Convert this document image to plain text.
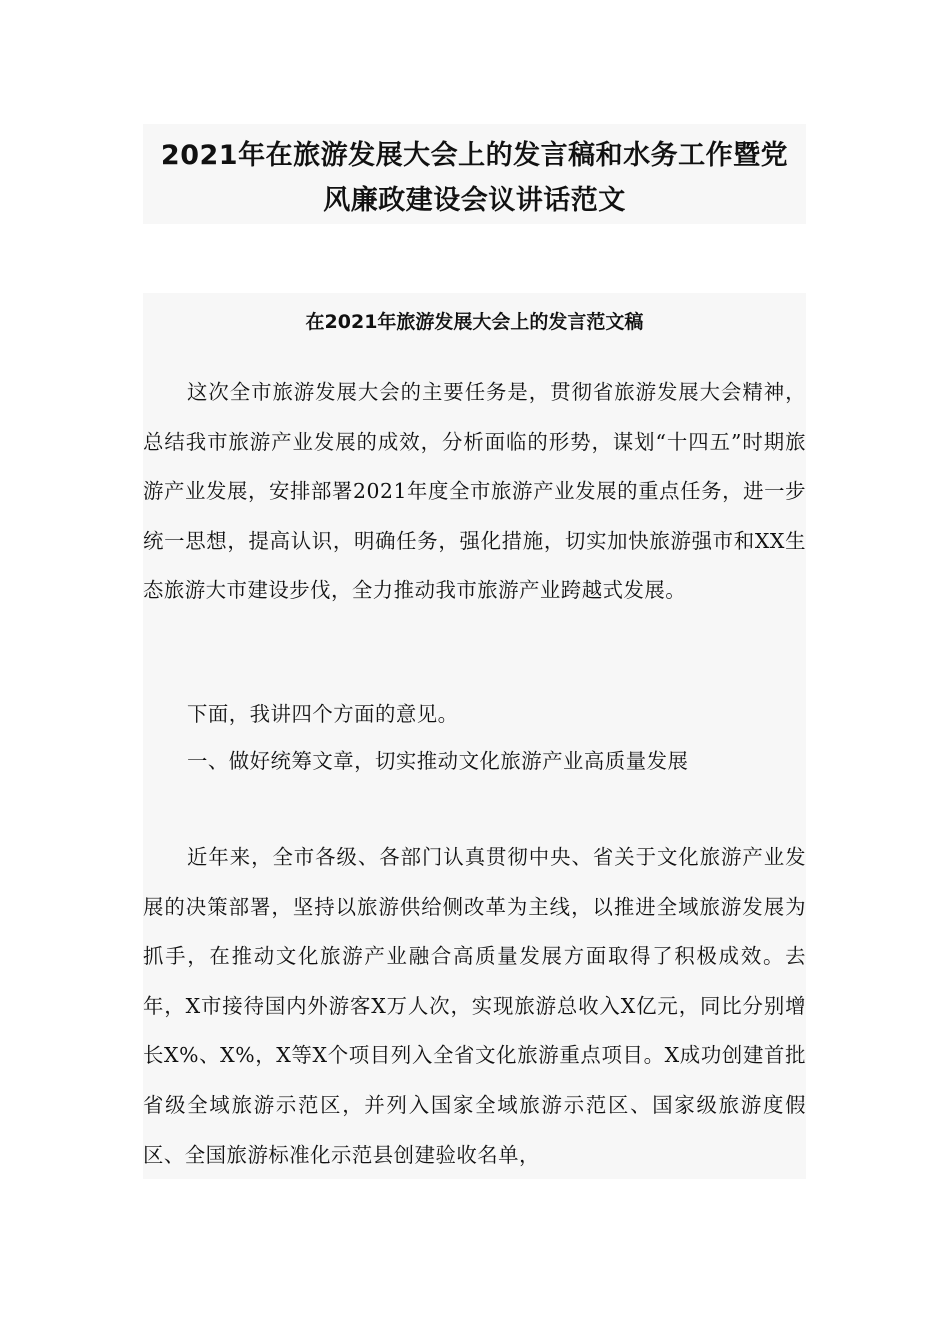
2021年在旅游发展大会上的发言稿和水务工作暨党
风廉政建设会议讲话范文
在2021年旅游发展大会上的发言范文稿

这次全市旅游发展大会的主要任务是，贯彻省旅游发展大会精神，总结我市旅游产业发展的成效，分析面临的形势，谋划“十四五”时期旅游产业发展，安排部署2021年度全市旅游产业发展的重点任务，进一步统一思想，提高认识，明确任务，强化措施，切实加快旅游强市和XX生态旅游大市建设步伐，全力推动我市旅游产业跨越式发展。

下面，我讲四个方面的意见。

一、做好统筹文章，切实推动文化旅游产业高质量发展

近年来，全市各级、各部门认真贯彻中央、省关于文化旅游产业发展的决策部署，坚持以旅游供给侧改革为主线，以推进全域旅游发展为抓手，在推动文化旅游产业融合高质量发展方面取得了积极成效。去年，X市接待国内外游客X万人次，实现旅游总收入X亿元，同比分别增长X%、X%，X等X个项目列入全省文化旅游重点项目。X成功创建首批省级全域旅游示范区，并列入国家全域旅游示范区、国家级旅游度假区、全国旅游标准化示范县创建验收名单，
